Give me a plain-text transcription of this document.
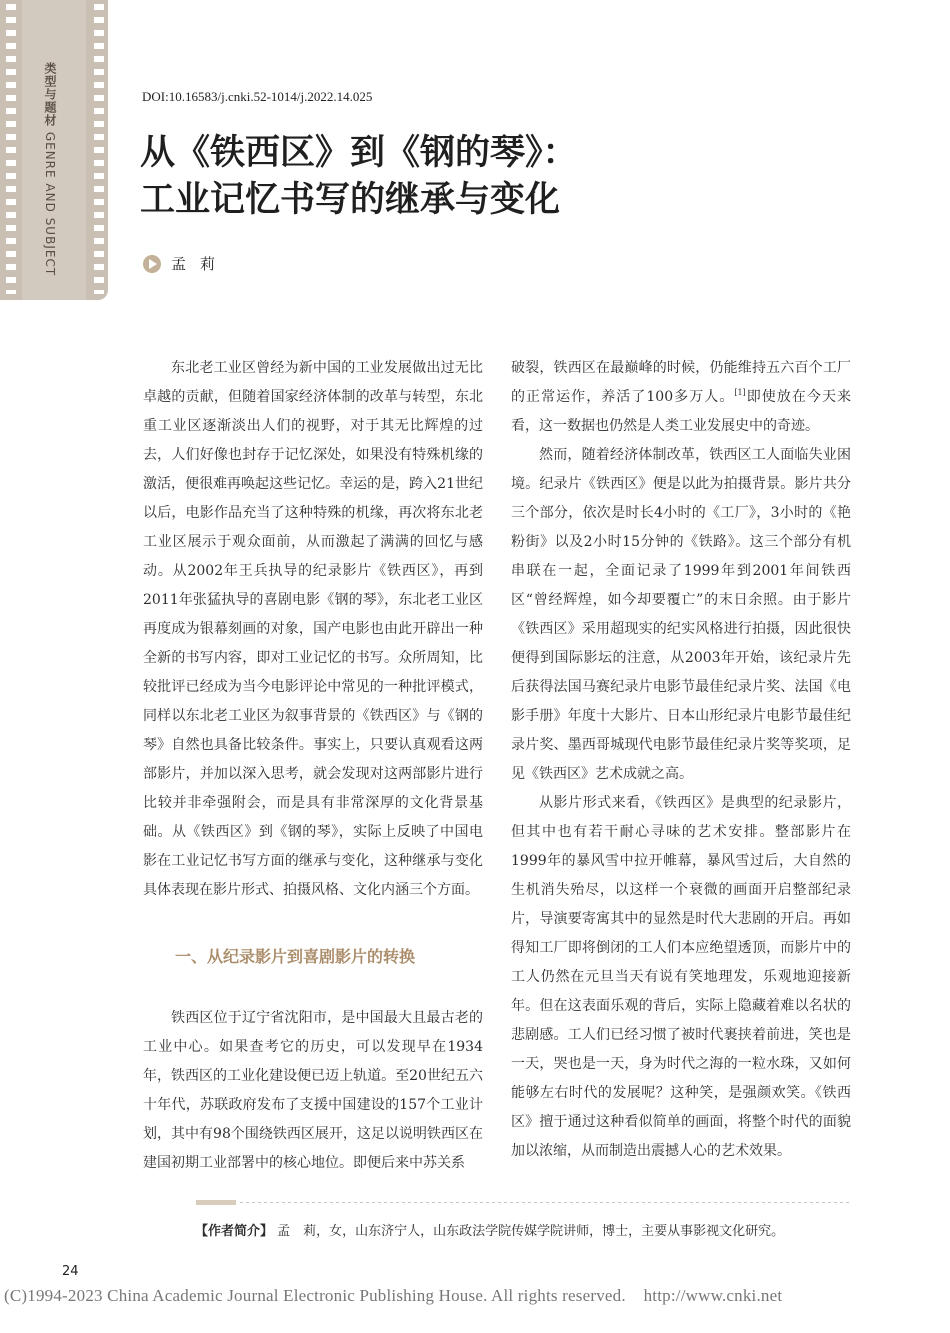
类型与题材 GENRE AND SUBJECT
DOI:10.16583/j.cnki.52-1014/j.2022.14.025
从《铁西区》到《钢的琴》：
工业记忆书写的继承与变化
孟莉

东北老工业区曾经为新中国的工业发展做出过无比卓越的贡献，但随着国家经济体制的改革与转型，东北重工业区逐渐淡出人们的视野，对于其无比辉煌的过去，人们好像也封存于记忆深处，如果没有特殊机缘的激活，便很难再唤起这些记忆。幸运的是，跨入21世纪以后，电影作品充当了这种特殊的机缘，再次将东北老工业区展示于观众面前，从而激起了满满的回忆与感动。从2002年王兵执导的纪录影片《铁西区》，再到2011年张猛执导的喜剧电影《钢的琴》，东北老工业区再度成为银幕刻画的对象，国产电影也由此开辟出一种全新的书写内容，即对工业记忆的书写。众所周知，比较批评已经成为当今电影评论中常见的一种批评模式，同样以东北老工业区为叙事背景的《铁西区》与《钢的琴》自然也具备比较条件。事实上，只要认真观看这两部影片，并加以深入思考，就会发现对这两部影片进行比较并非牵强附会，而是具有非常深厚的文化背景基础。从《铁西区》到《钢的琴》，实际上反映了中国电影在工业记忆书写方面的继承与变化，这种继承与变化具体表现在影片形式、拍摄风格、文化内涵三个方面。

一、从纪录影片到喜剧影片的转换

铁西区位于辽宁省沈阳市，是中国最大且最古老的工业中心。如果查考它的历史，可以发现早在1934年，铁西区的工业化建设便已迈上轨道。至20世纪五六十年代，苏联政府发布了支援中国建设的157个工业计划，其中有98个围绕铁西区展开，这足以说明铁西区在建国初期工业部署中的核心地位。即便后来中苏关系

破裂，铁西区在最巅峰的时候，仍能维持五六百个工厂的正常运作，养活了100多万人。[1]即使放在今天来看，这一数据也仍然是人类工业发展史中的奇迹。

然而，随着经济体制改革，铁西区工人面临失业困境。纪录片《铁西区》便是以此为拍摄背景。影片共分三个部分，依次是时长4小时的《工厂》，3小时的《艳粉街》以及2小时15分钟的《铁路》。这三个部分有机串联在一起，全面记录了1999年到2001年间铁西区“曾经辉煌，如今却要覆亡”的末日余照。由于影片《铁西区》采用超现实的纪实风格进行拍摄，因此很快便得到国际影坛的注意，从2003年开始，该纪录片先后获得法国马赛纪录片电影节最佳纪录片奖、法国《电影手册》年度十大影片、日本山形纪录片电影节最佳纪录片奖、墨西哥城现代电影节最佳纪录片奖等奖项，足见《铁西区》艺术成就之高。

从影片形式来看，《铁西区》是典型的纪录影片，但其中也有若干耐心寻味的艺术安排。整部影片在1999年的暴风雪中拉开帷幕，暴风雪过后，大自然的生机消失殆尽，以这样一个衰微的画面开启整部纪录片，导演要寄寓其中的显然是时代大悲剧的开启。再如得知工厂即将倒闭的工人们本应绝望透顶，而影片中的工人仍然在元旦当天有说有笑地理发，乐观地迎接新年。但在这表面乐观的背后，实际上隐藏着难以名状的悲剧感。工人们已经习惯了被时代裹挟着前进，笑也是一天，哭也是一天，身为时代之海的一粒水珠，又如何能够左右时代的发展呢？这种笑，是强颜欢笑。《铁西区》擅于通过这种看似简单的画面，将整个时代的面貌加以浓缩，从而制造出震撼人心的艺术效果。

【作者简介】 孟　莉，女，山东济宁人，山东政法学院传媒学院讲师，博士，主要从事影视文化研究。
24
(C)1994-2023 China Academic Journal Electronic Publishing House. All rights reserved.    http://www.cnki.net
